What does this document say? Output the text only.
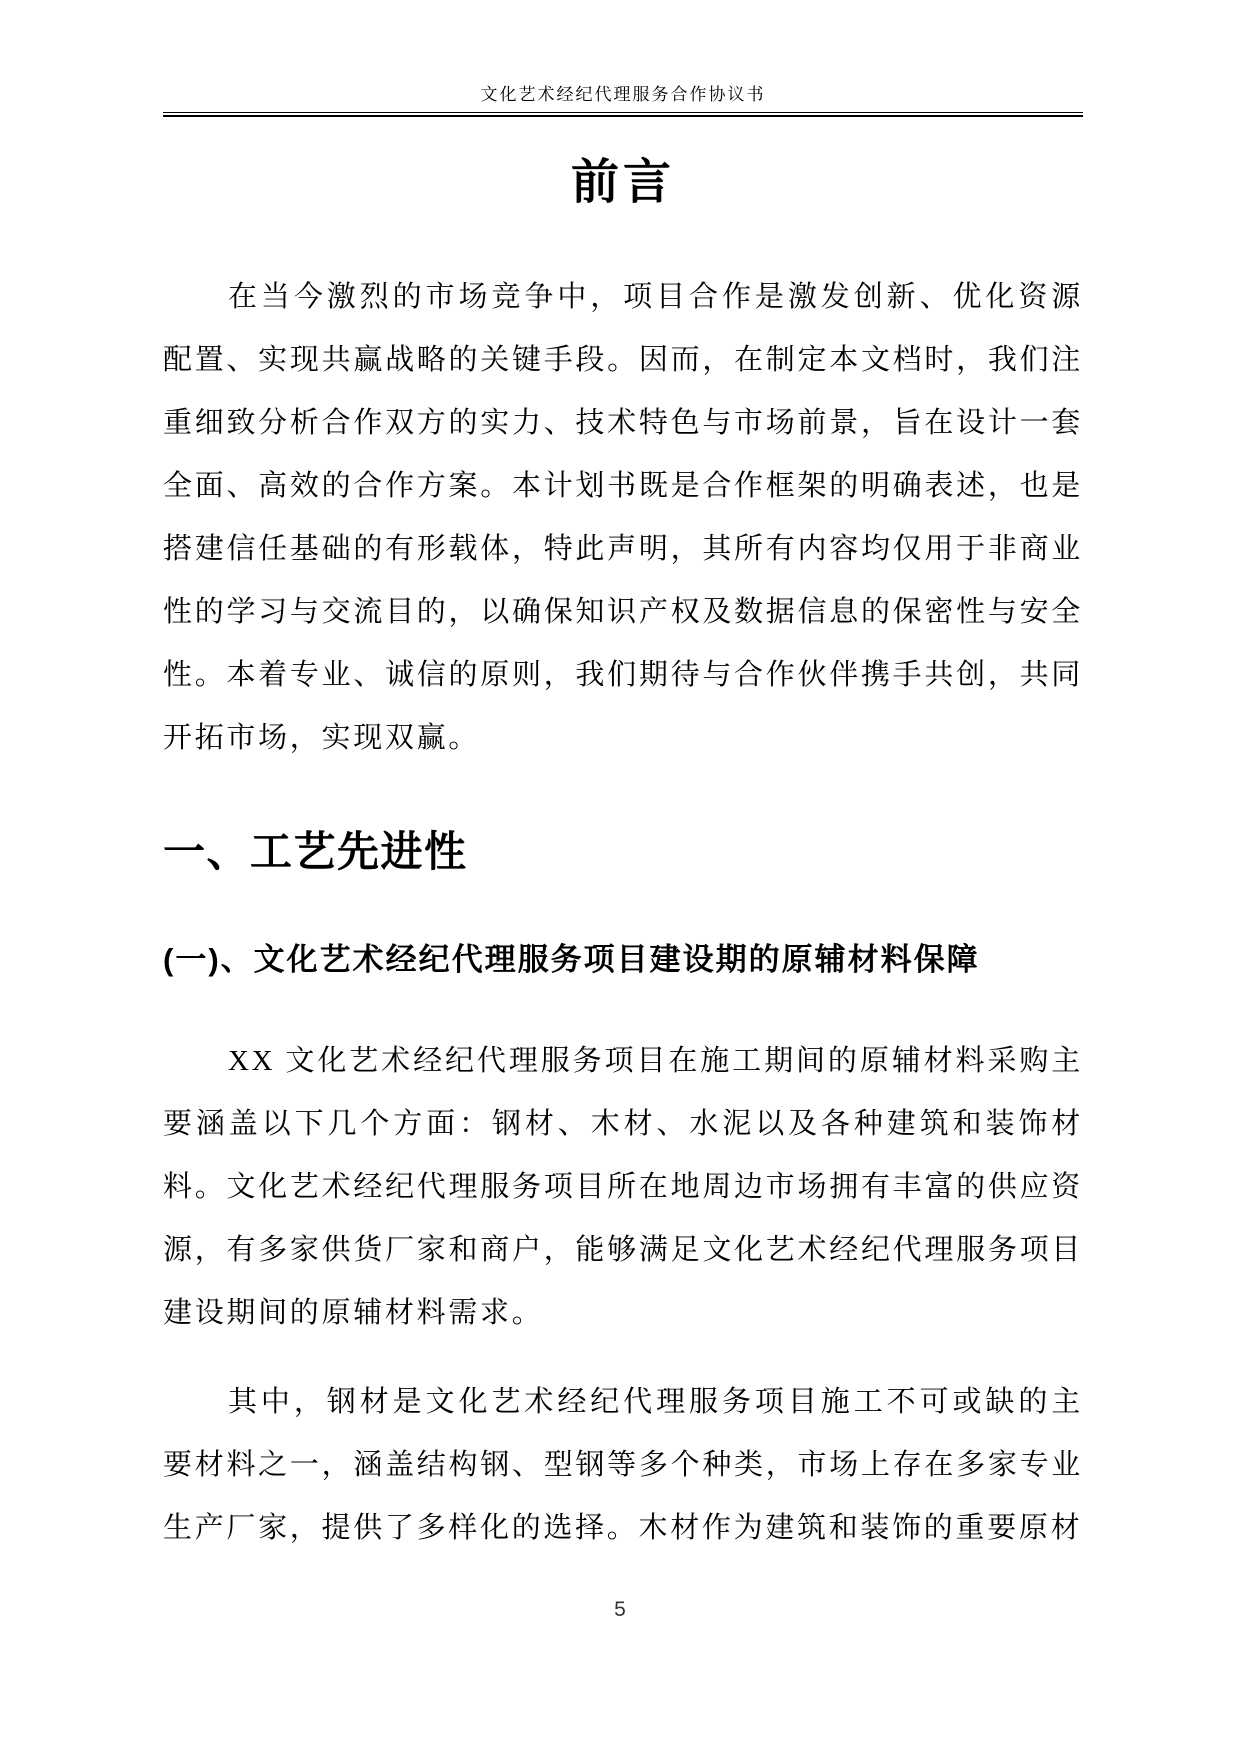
文化艺术经纪代理服务合作协议书
前言

在当今激烈的市场竞争中，项目合作是激发创新、优化资源配置、实现共赢战略的关键手段。因而，在制定本文档时，我们注重细致分析合作双方的实力、技术特色与市场前景，旨在设计一套全面、高效的合作方案。本计划书既是合作框架的明确表述，也是搭建信任基础的有形载体，特此声明，其所有内容均仅用于非商业性的学习与交流目的，以确保知识产权及数据信息的保密性与安全性。本着专业、诚信的原则，我们期待与合作伙伴携手共创，共同开拓市场，实现双赢。

一、工艺先进性
(一)、文化艺术经纪代理服务项目建设期的原辅材料保障

XX 文化艺术经纪代理服务项目在施工期间的原辅材料采购主要涵盖以下几个方面：钢材、木材、水泥以及各种建筑和装饰材料。文化艺术经纪代理服务项目所在地周边市场拥有丰富的供应资源，有多家供货厂家和商户，能够满足文化艺术经纪代理服务项目建设期间的原辅材料需求。

其中，钢材是文化艺术经纪代理服务项目施工不可或缺的主要材料之一，涵盖结构钢、型钢等多个种类，市场上存在多家专业生产厂家，提供了多样化的选择。木材作为建筑和装饰的重要原材

5
